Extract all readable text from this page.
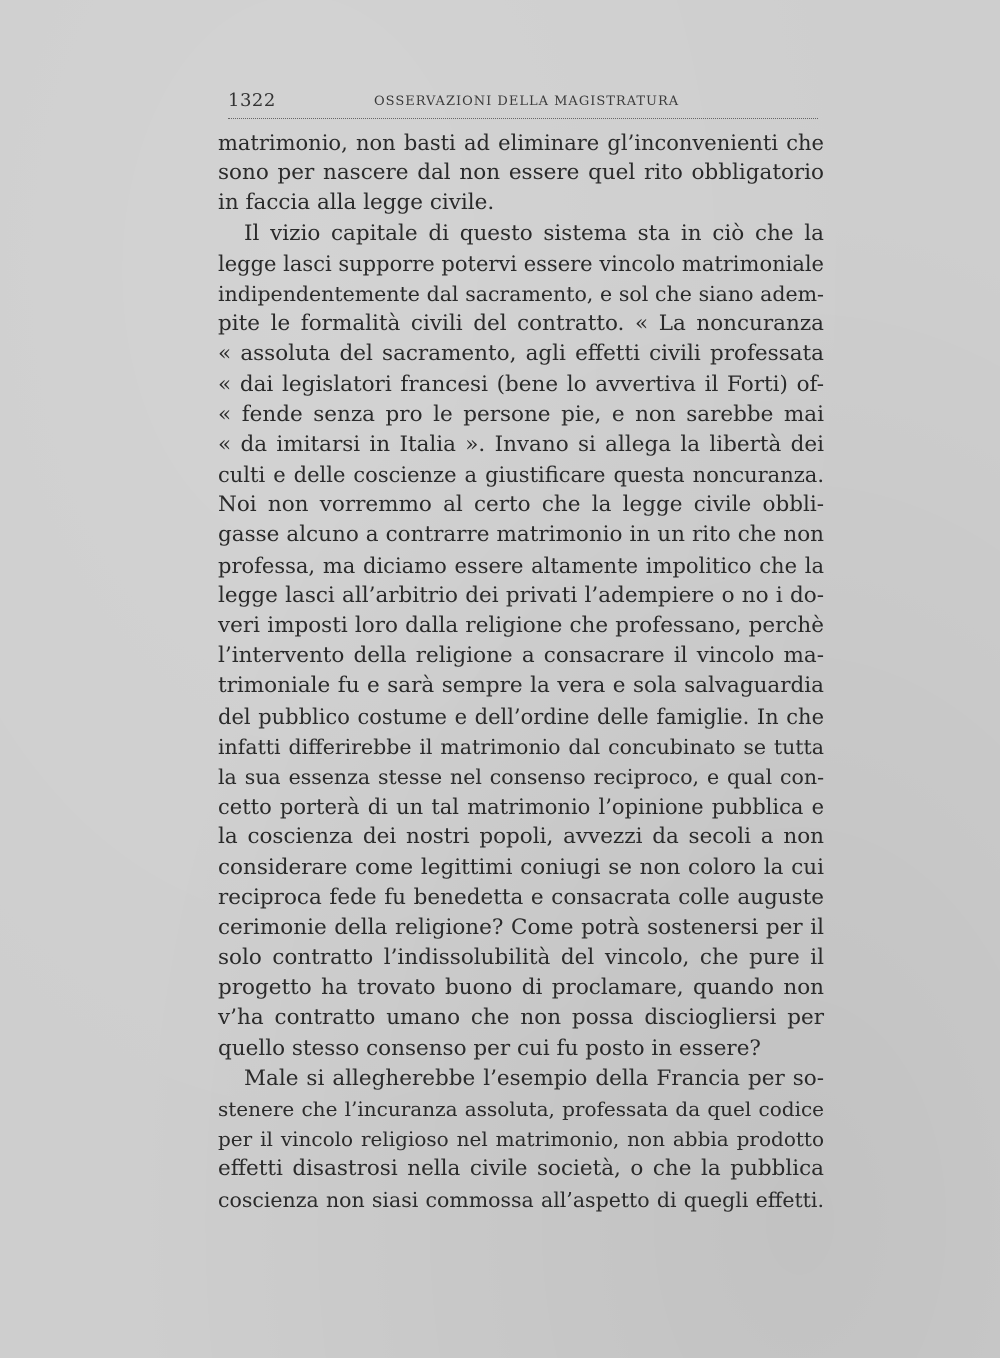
1322	OSSERVAZIONI DELLA MAGISTRATURA
matrimonio, non basti ad eliminare gl’inconvenienti che
sono per nascere dal non essere quel rito obbligatorio
in faccia alla legge civile.
Il vizio capitale di questo sistema sta in ciò che la
legge lasci supporre potervi essere vincolo matrimoniale
indipendentemente dal sacramento, e sol che siano adem-
pite le formalità civili del contratto. « La noncuranza
« assoluta del sacramento, agli effetti civili professata
« dai legislatori francesi (bene lo avvertiva il Forti) of-
« fende senza pro le persone pie, e non sarebbe mai
« da imitarsi in Italia ». Invano si allega la libertà dei
culti e delle coscienze a giustificare questa noncuranza.
Noi non vorremmo al certo che la legge civile obbli-
gasse alcuno a contrarre matrimonio in un rito che non
professa, ma diciamo essere altamente impolitico che la
legge lasci all’arbitrio dei privati l’adempiere o no i do-
veri imposti loro dalla religione che professano, perchè
l’intervento della religione a consacrare il vincolo ma-
trimoniale fu e sarà sempre la vera e sola salvaguardia
del pubblico costume e dell’ordine delle famiglie. In che
infatti differirebbe il matrimonio dal concubinato se tutta
la sua essenza stesse nel consenso reciproco, e qual con-
cetto porterà di un tal matrimonio l’opinione pubblica e
la coscienza dei nostri popoli, avvezzi da secoli a non
considerare come legittimi coniugi se non coloro la cui
reciproca fede fu benedetta e consacrata colle auguste
cerimonie della religione? Come potrà sostenersi per il
solo contratto l’indissolubilità del vincolo, che pure il
progetto ha trovato buono di proclamare, quando non
v’ha contratto umano che non possa disciogliersi per
quello stesso consenso per cui fu posto in essere?
Male si allegherebbe l’esempio della Francia per so-
stenere che l’incuranza assoluta, professata da quel codice
per il vincolo religioso nel matrimonio, non abbia prodotto
effetti disastrosi nella civile società, o che la pubblica
coscienza non siasi commossa all’aspetto di quegli effetti.
